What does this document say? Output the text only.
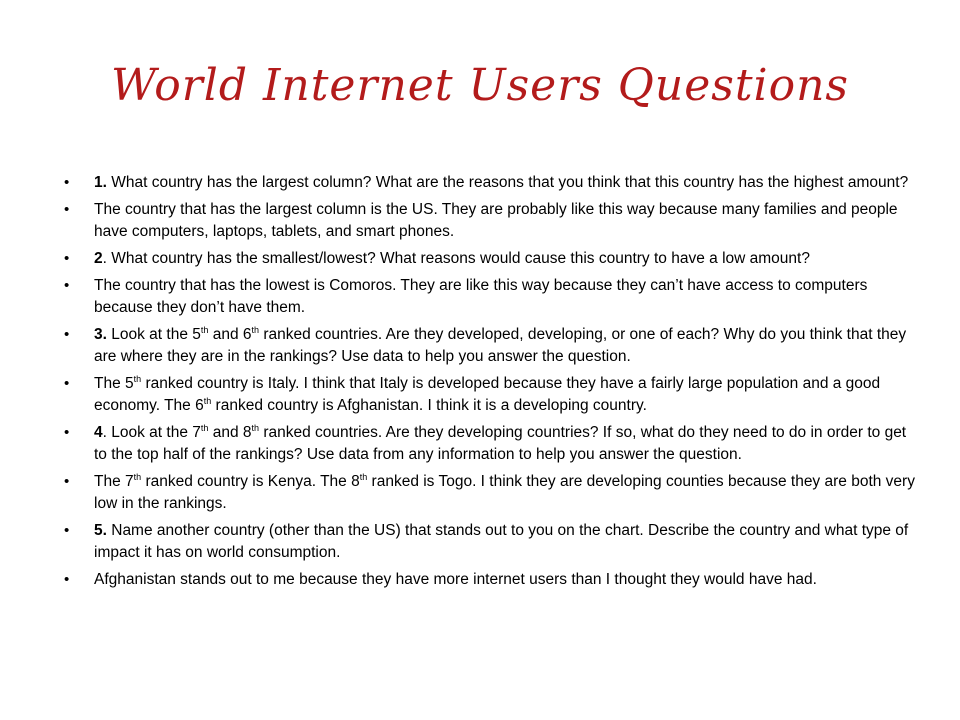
World Internet Users Questions
• 1. What country has the largest column? What are the reasons that you think that this country has the highest amount?
• The country that has the largest column is the US. They are probably like this way because many families and people have computers, laptops, tablets, and smart phones.
• 2. What country has the smallest/lowest? What reasons would cause this country to have a low amount?
• The country that has the lowest is Comoros. They are like this way because they can’t have access to computers because they don’t have them.
• 3. Look at the 5th and 6th ranked countries. Are they developed, developing, or one of each? Why do you think that they are where they are in the rankings? Use data to help you answer the question.
• The 5th ranked country is Italy. I think that Italy is developed because they have a fairly large population and a good economy. The 6th ranked country is Afghanistan. I think it is a developing country.
• 4. Look at the 7th and 8th ranked countries. Are they developing countries? If so, what do they need to do in order to get to the top half of the rankings? Use data from any information to help you answer the question.
• The 7th ranked country is Kenya. The 8th ranked is Togo. I think they are developing counties because they are both very low in the rankings.
• 5. Name another country (other than the US) that stands out to you on the chart. Describe the country and what type of impact it has on world consumption.
• Afghanistan stands out to me because they have more internet users than I thought they would have had.
